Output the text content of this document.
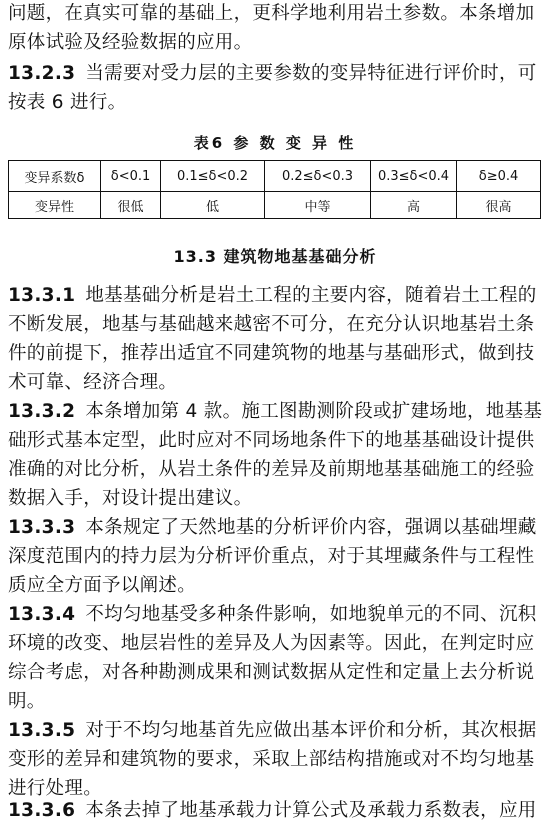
问题，在真实可靠的基础上，更科学地利用岩土参数。本条增加
原体试验及经验数据的应用。
13.2.3 当需要对受力层的主要参数的变异特征进行评价时，可
按表 6 进行。
表6 参 数 变 异 性
变异系数δ	δ<0.1	0.1≤δ<0.2	0.2≤δ<0.3	0.3≤δ<0.4	δ≥0.4
变异性	很低	低	中等	高	很高
13.3 建筑物地基基础分析
13.3.1 地基基础分析是岩土工程的主要内容，随着岩土工程的
不断发展，地基与基础越来越密不可分，在充分认识地基岩土条
件的前提下，推荐出适宜不同建筑物的地基与基础形式，做到技
术可靠、经济合理。
13.3.2 本条增加第 4 款。施工图勘测阶段或扩建场地，地基基
础形式基本定型，此时应对不同场地条件下的地基基础设计提供
准确的对比分析，从岩土条件的差异及前期地基基础施工的经验
数据入手，对设计提出建议。
13.3.3 本条规定了天然地基的分析评价内容，强调以基础埋藏
深度范围内的持力层为分析评价重点，对于其埋藏条件与工程性
质应全方面予以阐述。
13.3.4 不均匀地基受多种条件影响，如地貌单元的不同、沉积
环境的改变、地层岩性的差异及人为因素等。因此，在判定时应
综合考虑，对各种勘测成果和测试数据从定性和定量上去分析说
明。
13.3.5 对于不均匀地基首先应做出基本评价和分析，其次根据
变形的差异和建筑物的要求，采取上部结构措施或对不均匀地基
进行处理。
13.3.6 本条去掉了地基承载力计算公式及承载力系数表，应用
